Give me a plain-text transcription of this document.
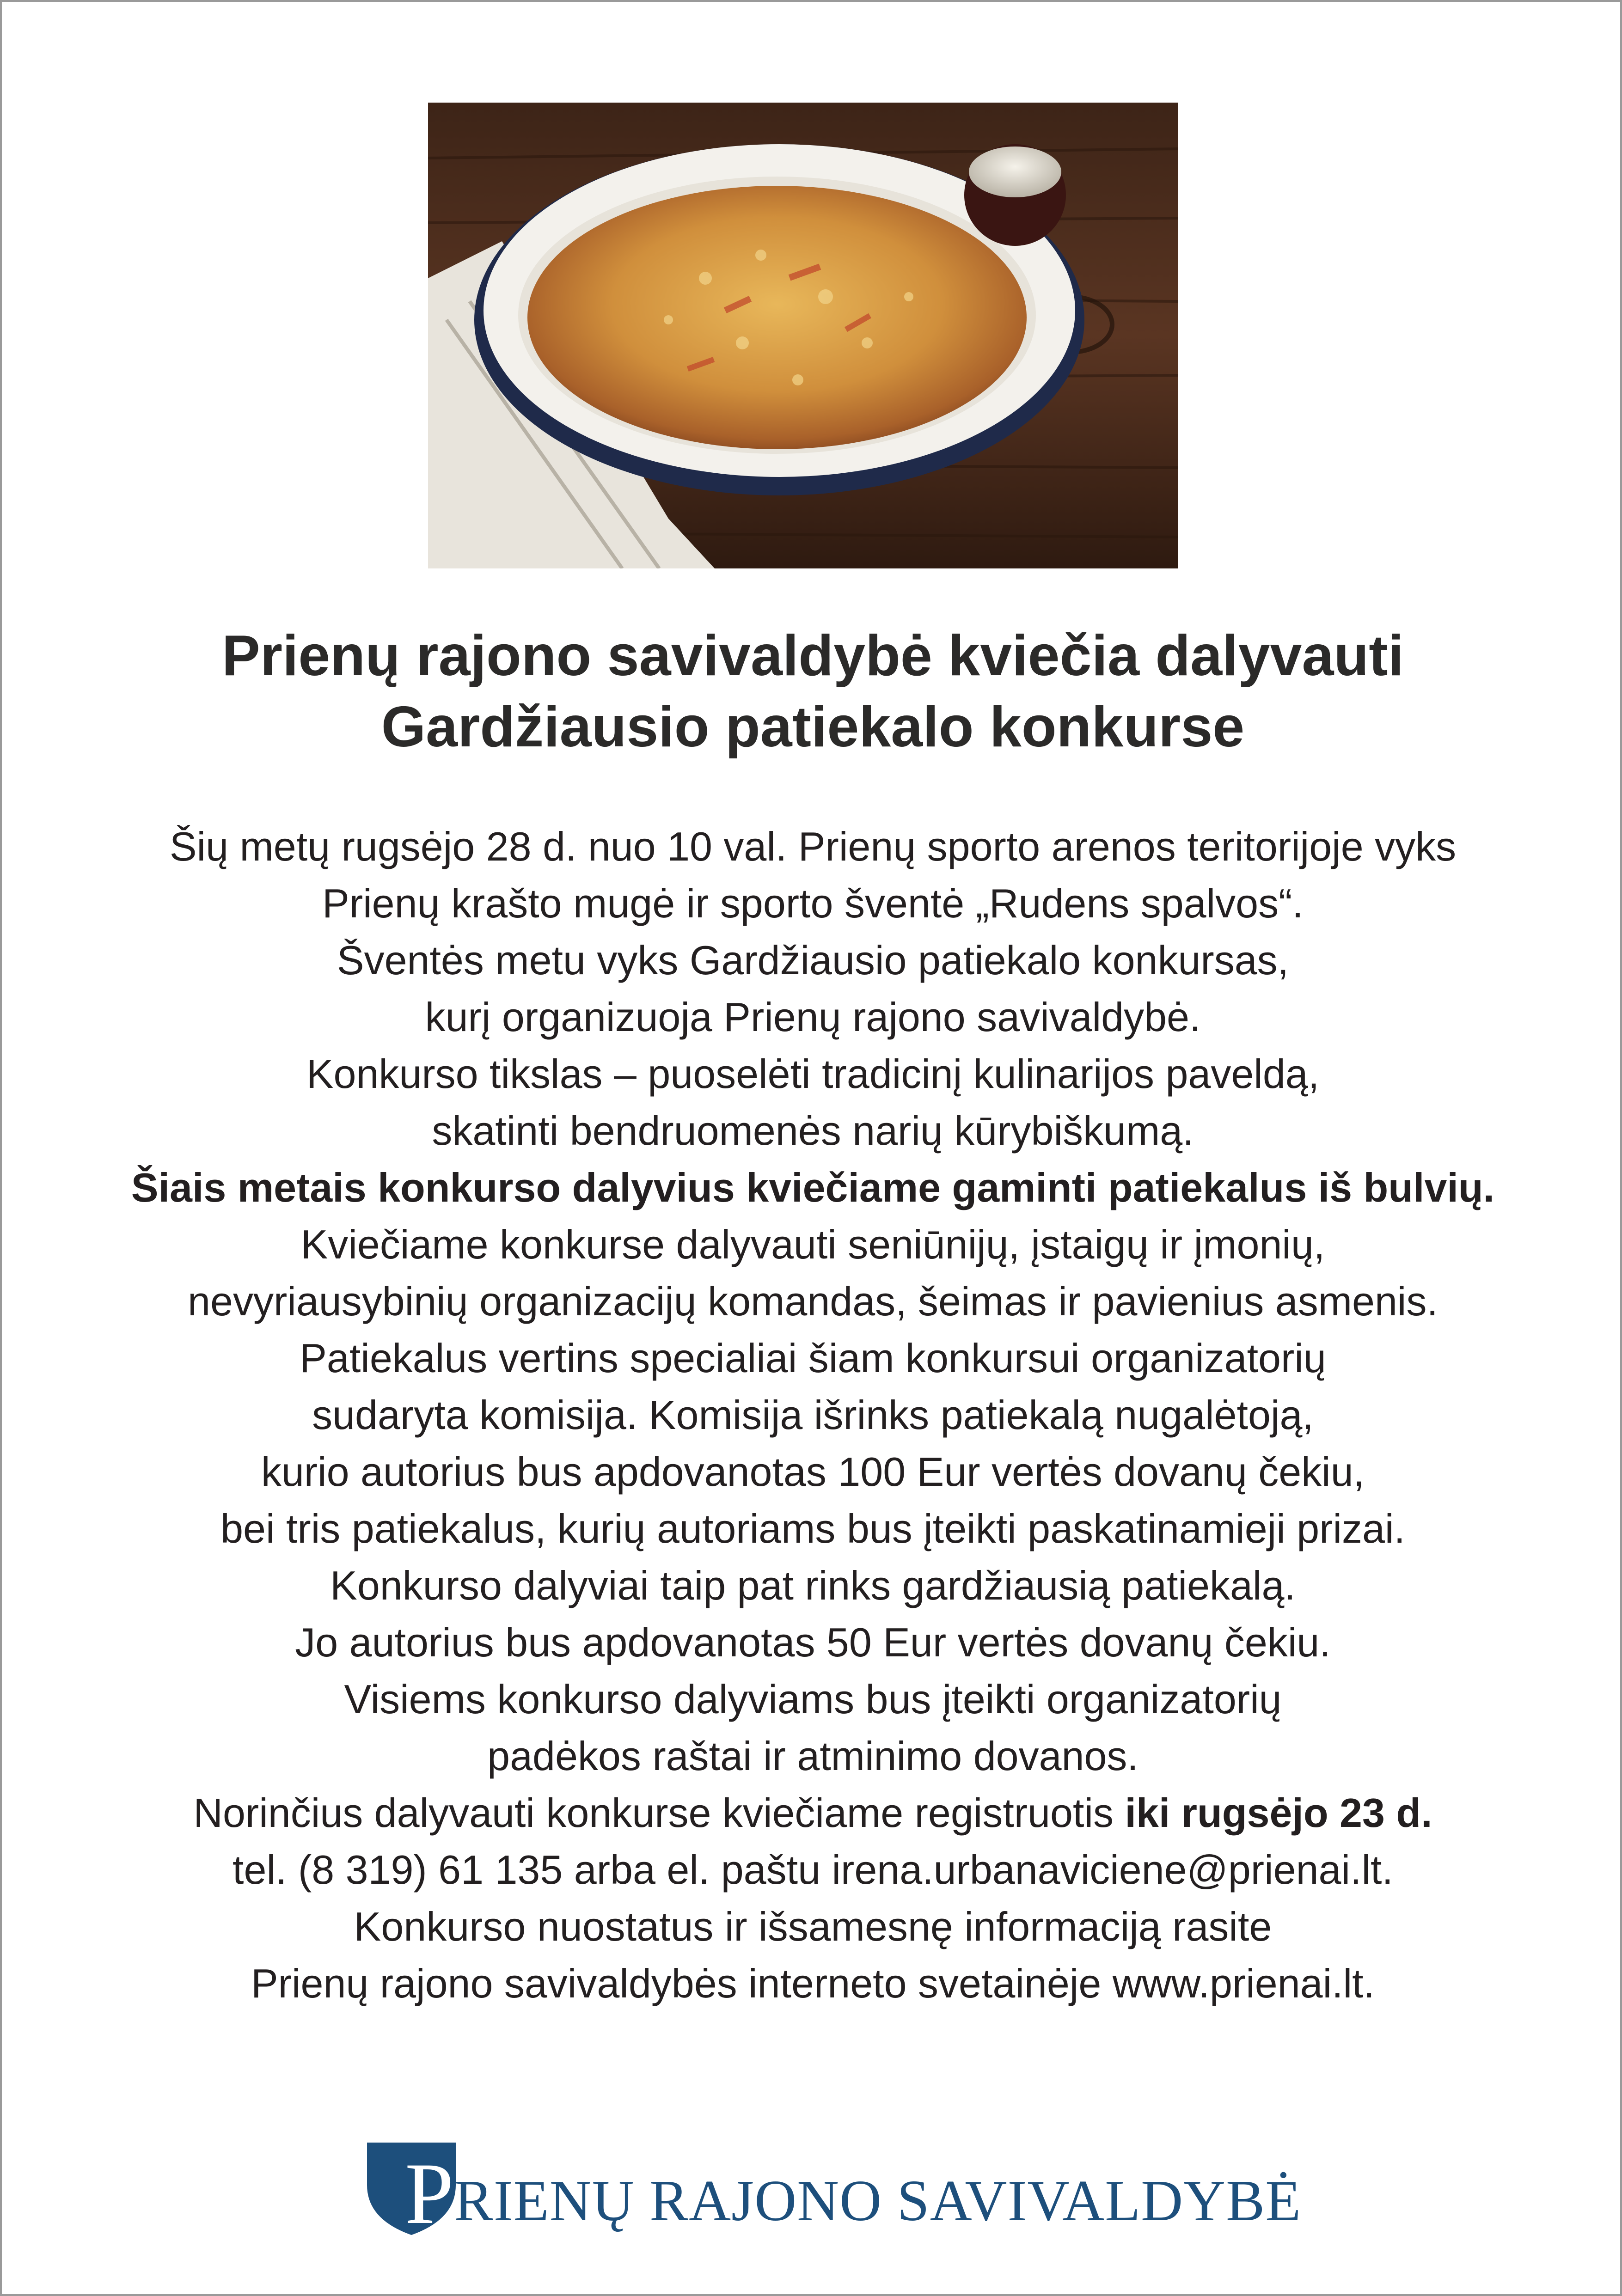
Prienų rajono savivaldybė kviečia dalyvauti
Gardžiausio patiekalo konkurse
Šių metų rugsėjo 28 d. nuo 10 val. Prienų sporto arenos teritorijoje vyks
Prienų krašto mugė ir sporto šventė „Rudens spalvos“.
Šventės metu vyks Gardžiausio patiekalo konkursas,
kurį organizuoja Prienų rajono savivaldybė.
Konkurso tikslas – puoselėti tradicinį kulinarijos paveldą,
skatinti bendruomenės narių kūrybiškumą.
Šiais metais konkurso dalyvius kviečiame gaminti patiekalus iš bulvių.
Kviečiame konkurse dalyvauti seniūnijų, įstaigų ir įmonių,
nevyriausybinių organizacijų komandas, šeimas ir pavienius asmenis.
Patiekalus vertins specialiai šiam konkursui organizatorių
sudaryta komisija. Komisija išrinks patiekalą nugalėtoją,
kurio autorius bus apdovanotas 100 Eur vertės dovanų čekiu,
bei tris patiekalus, kurių autoriams bus įteikti paskatinamieji prizai.
Konkurso dalyviai taip pat rinks gardžiausią patiekalą.
Jo autorius bus apdovanotas 50 Eur vertės dovanų čekiu.
Visiems konkurso dalyviams bus įteikti organizatorių
padėkos raštai ir atminimo dovanos.
Norinčius dalyvauti konkurse kviečiame registruotis iki rugsėjo 23 d.
tel. (8 319) 61 135 arba el. paštu irena.urbanaviciene@prienai.lt.
Konkurso nuostatus ir išsamesnę informaciją rasite
Prienų rajono savivaldybės interneto svetainėje www.prienai.lt.
PRIENŲ RAJONO SAVIVALDYBĖ
